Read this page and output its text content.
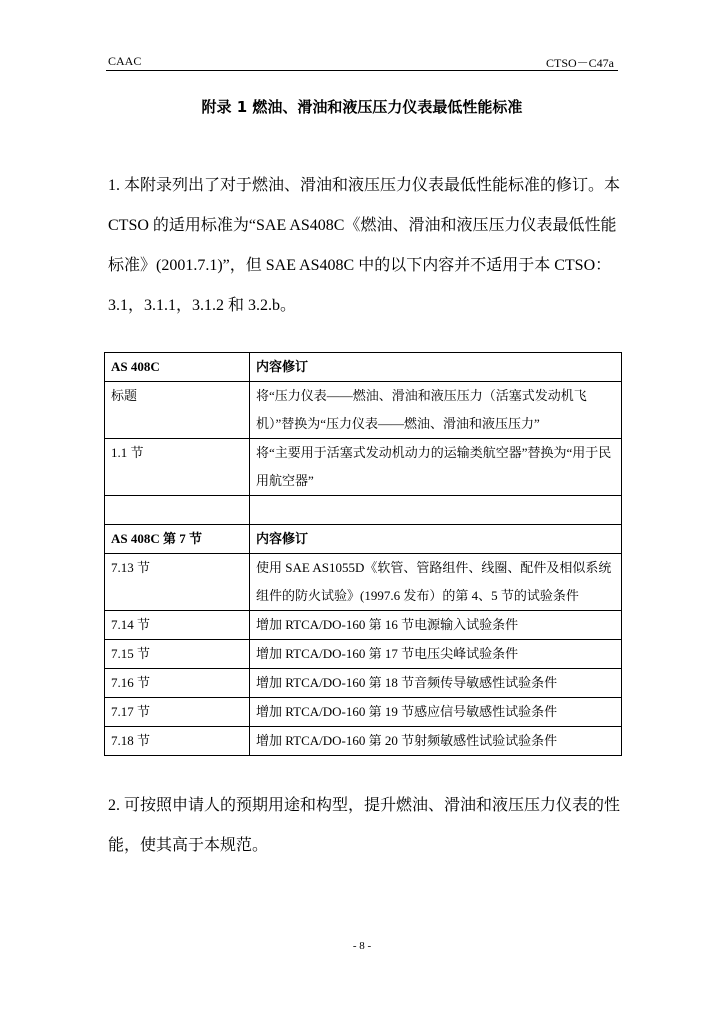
CAAC	CTSO－C47a
附录 1 燃油、滑油和液压压力仪表最低性能标准

1. 本附录列出了对于燃油、滑油和液压压力仪表最低性能标准的修订。本 CTSO 的适用标准为“SAE AS408C《燃油、滑油和液压压力仪表最低性能标准》(2001.7.1)”，但 SAE AS408C 中的以下内容并不适用于本 CTSO：3.1，3.1.1，3.1.2 和 3.2.b。

AS 408C	内容修订
标题	将“压力仪表——燃油、滑油和液压压力（活塞式发动机飞机）”替换为“压力仪表——燃油、滑油和液压压力”
1.1 节	将“主要用于活塞式发动机动力的运输类航空器”替换为“用于民用航空器”

AS 408C 第 7 节	内容修订
7.13 节	使用 SAE AS1055D《软管、管路组件、线圈、配件及相似系统组件的防火试验》(1997.6 发布）的第 4、5 节的试验条件
7.14 节	增加 RTCA/DO-160 第 16 节电源输入试验条件
7.15 节	增加 RTCA/DO-160 第 17 节电压尖峰试验条件
7.16 节	增加 RTCA/DO-160 第 18 节音频传导敏感性试验条件
7.17 节	增加 RTCA/DO-160 第 19 节感应信号敏感性试验条件
7.18 节	增加 RTCA/DO-160 第 20 节射频敏感性试验试验条件

2. 可按照申请人的预期用途和构型，提升燃油、滑油和液压压力仪表的性能，使其高于本规范。

- 8 -
